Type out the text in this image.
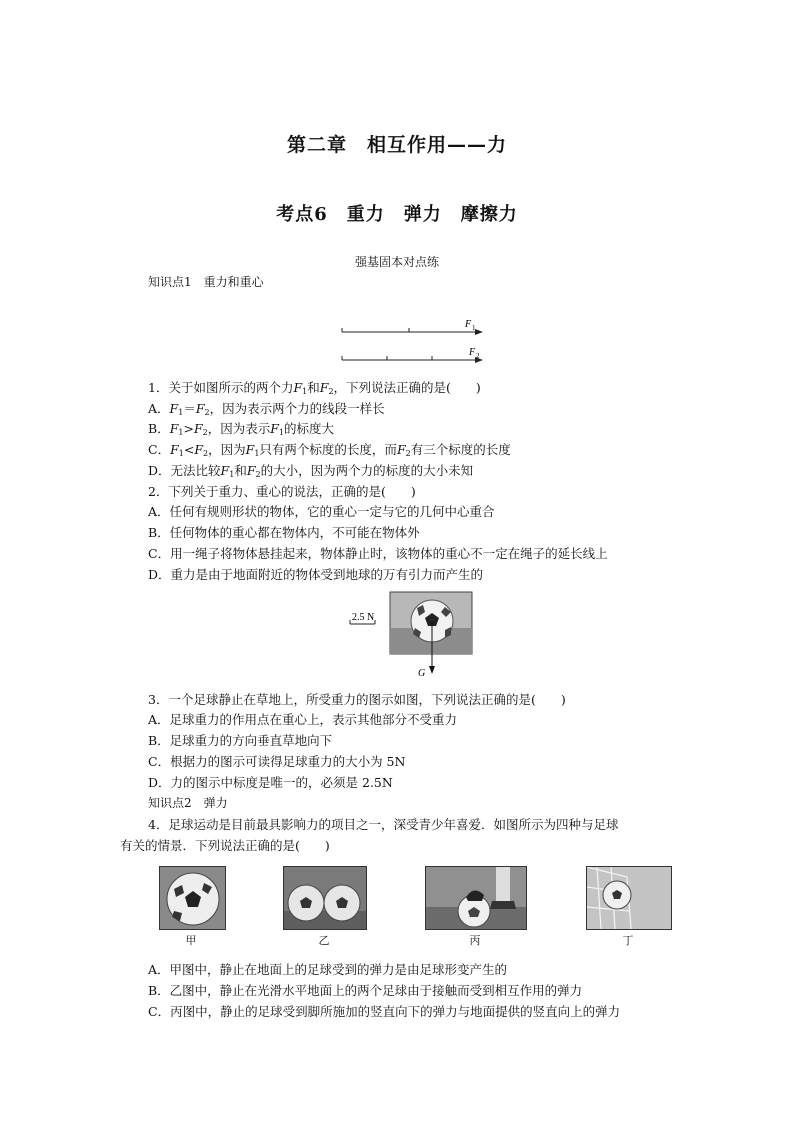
第二章　相互作用——力
考点6　重力　弹力　摩擦力
强基固本对点练
知识点1　重力和重心
F 1
F 2
1．关于如图所示的两个力$F_1$和$F_2$，下列说法正确的是(　　)
A．$F_1=F_2$，因为表示两个力的线段一样长
B．$F_1>F_2$，因为表示$F_1$的标度大
C．$F_1<F_2$，因为$F_1$只有两个标度的长度，而$F_2$有三个标度的长度
D．无法比较$F_1$和$F_2$的大小，因为两个力的标度的大小未知
2．下列关于重力、重心的说法，正确的是(　　)
A．任何有规则形状的物体，它的重心一定与它的几何中心重合
B．任何物体的重心都在物体内，不可能在物体外
C．用一绳子将物体悬挂起来，物体静止时，该物体的重心不一定在绳子的延长线上
D．重力是由于地面附近的物体受到地球的万有引力而产生的
2.5 N
G
3．一个足球静止在草地上，所受重力的图示如图，下列说法正确的是(　　)
A．足球重力的作用点在重心上，表示其他部分不受重力
B．足球重力的方向垂直草地向下
C．根据力的图示可读得足球重力的大小为 5N
D．力的图示中标度是唯一的，必须是 2.5N
知识点2　弹力
4．足球运动是目前最具影响力的项目之一，深受青少年喜爱．如图所示为四种与足球
有关的情景．下列说法正确的是(　　)
甲	乙	丙	丁
A．甲图中，静止在地面上的足球受到的弹力是由足球形变产生的
B．乙图中，静止在光滑水平地面上的两个足球由于接触而受到相互作用的弹力
C．丙图中，静止的足球受到脚所施加的竖直向下的弹力与地面提供的竖直向上的弹力
